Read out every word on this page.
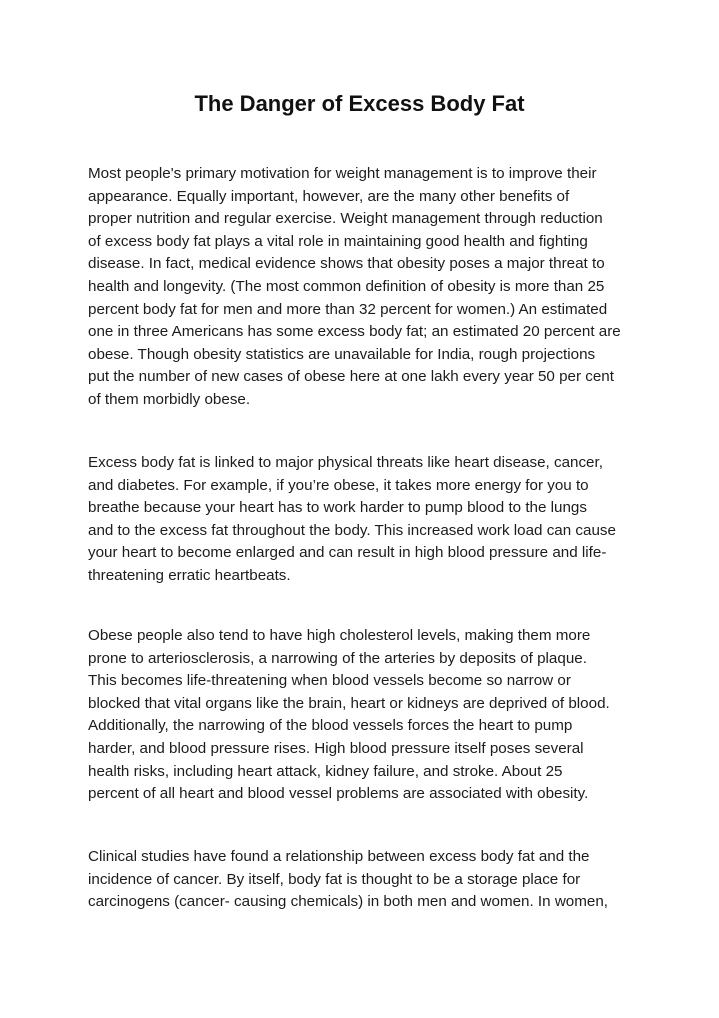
The Danger of Excess Body Fat
Most people's primary motivation for weight management is to improve their
appearance. Equally important, however, are the many other benefits of
proper nutrition and regular exercise. Weight management through reduction
of excess body fat plays a vital role in maintaining good health and fighting
disease. In fact, medical evidence shows that obesity poses a major threat to
health and longevity. (The most common definition of obesity is more than 25
percent body fat for men and more than 32 percent for women.) An estimated
one in three Americans has some excess body fat; an estimated 20 percent are
obese. Though obesity statistics are unavailable for India, rough projections
put the number of new cases of obese here at one lakh every year 50 per cent
of them morbidly obese.
Excess body fat is linked to major physical threats like heart disease, cancer,
and diabetes. For example, if you’re obese, it takes more energy for you to
breathe because your heart has to work harder to pump blood to the lungs
and to the excess fat throughout the body. This increased work load can cause
your heart to become enlarged and can result in high blood pressure and life-
threatening erratic heartbeats.
Obese people also tend to have high cholesterol levels, making them more
prone to arteriosclerosis, a narrowing of the arteries by deposits of plaque.
This becomes life-threatening when blood vessels become so narrow or
blocked that vital organs like the brain, heart or kidneys are deprived of blood.
Additionally, the narrowing of the blood vessels forces the heart to pump
harder, and blood pressure rises. High blood pressure itself poses several
health risks, including heart attack, kidney failure, and stroke. About 25
percent of all heart and blood vessel problems are associated with obesity.
Clinical studies have found a relationship between excess body fat and the
incidence of cancer. By itself, body fat is thought to be a storage place for
carcinogens (cancer- causing chemicals) in both men and women. In women,
